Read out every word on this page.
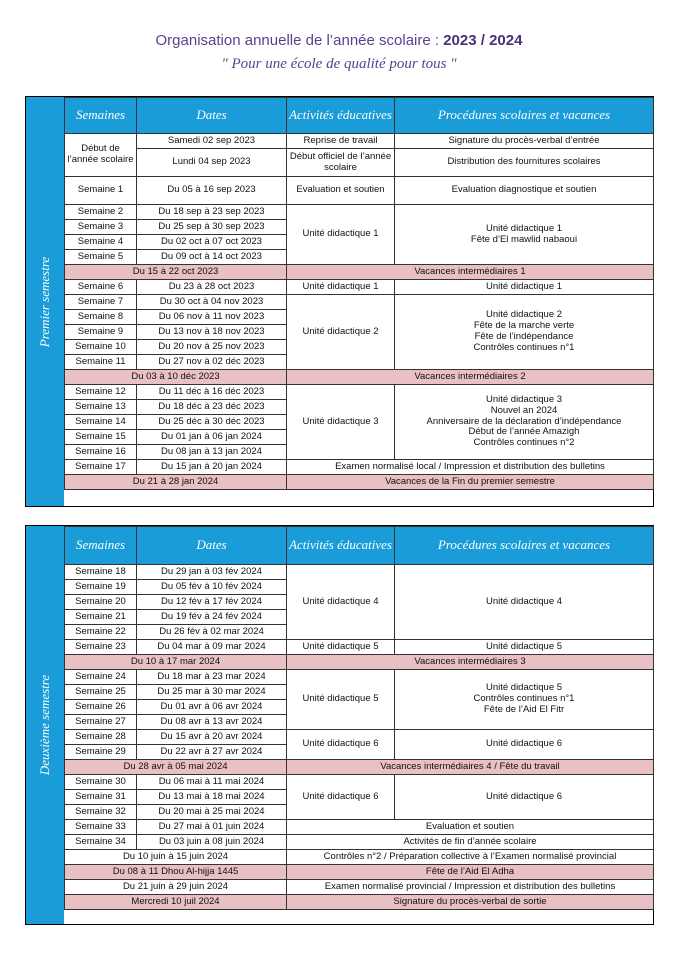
Organisation annuelle de l’année scolaire : 2023 / 2024
" Pour une école de qualité pour tous "
Premier semestre
Semaines	Dates	Activités éducatives	Procédures scolaires et vacances
Début de l’année scolaire	Samedi 02 sep 2023	Reprise de travail	Signature du procès-verbal d’entrée
	Lundi 04 sep 2023	Début officiel de l’année scolaire	Distribution des fournitures scolaires
Semaine 1	Du 05 à 16 sep 2023	Evaluation et soutien	Evaluation diagnostique et soutien
Semaine 2	Du 18 sep à 23 sep 2023	Unité didactique 1	Unité didactique 1
Fête d’El mawlid nabaoui

Semaine 3	Du 25 sep à 30 sep 2023		
Semaine 4	Du 02 oct à 07 oct 2023		
Semaine 5	Du 09 oct à 14 oct 2023		
Du 15 à 22 oct 2023		Vacances intermédiaires 1	
Semaine 6	Du 23 à 28 oct 2023	Unité didactique 1	Unité didactique 1
Semaine 7	Du 30 oct à 04 nov 2023	Unité didactique 2	Unité didactique 2
Fête de la marche verte
Fête de l’indépendance
Contrôles continues n°1

Semaine 8	Du 06 nov à 11 nov 2023		
Semaine 9	Du 13 nov à 18 nov 2023		
Semaine 10	Du 20 nov à 25 nov 2023		
Semaine 11	Du 27 nov à 02 déc 2023		
Du 03 à 10 déc 2023		Vacances intermédiaires 2	
Semaine 12	Du 11 déc à 16 déc 2023	Unité didactique 3	Unité didactique 3
Nouvel an 2024
Anniversaire de la déclaration d’indépendance
Début de l’année Amazigh
Contrôles continues n°2

Semaine 13	Du 18 déc à 23 déc 2023		
Semaine 14	Du 25 déc à 30 déc 2023		
Semaine 15	Du 01 jan à 06 jan 2024		
Semaine 16	Du 08 jan à 13 jan 2024		
Semaine 17	Du 15 jan à 20 jan 2024	Examen normalisé local / Impression et distribution des bulletins	
Du 21 à 28 jan 2024		Vacances de la Fin du premier semestre	
Deuxième semestre
Semaines	Dates	Activités éducatives	Procédures scolaires et vacances
Semaine 18	Du 29 jan à 03 fév 2024	Unité didactique 4	Unité didactique 4
Semaine 19	Du 05 fév à 10 fév 2024		
Semaine 20	Du 12 fév à 17 fév 2024		
Semaine 21	Du 19 fév à 24 fév 2024		
Semaine 22	Du 26 fév à 02 mar 2024		
Semaine 23	Du 04 mar à 09 mar 2024	Unité didactique 5	Unité didactique 5
Du 10 à 17 mar 2024		Vacances intermédiaires 3	
Semaine 24	Du 18 mar à 23 mar 2024	Unité didactique 5	Unité didactique 5
Contrôles continues n°1
Fête de l’Aid El Fitr

Semaine 25	Du 25 mar à 30 mar 2024		
Semaine 26	Du 01 avr à 06 avr 2024		
Semaine 27	Du 08 avr à 13 avr 2024		
Semaine 28	Du 15 avr à 20 avr 2024	Unité didactique 6	Unité didactique 6
Semaine 29	Du 22 avr à 27 avr 2024		
Du 28 avr à 05 mai 2024		Vacances intermédiaires 4 / Fête du travail	
Semaine 30	Du 06 mai à 11 mai 2024	Unité didactique 6	Unité didactique 6
Semaine 31	Du 13 mai à 18 mai 2024		
Semaine 32	Du 20 mai à 25 mai 2024		
Semaine 33	Du 27 mai à 01 juin 2024	Evaluation et soutien	
Semaine 34	Du 03 juin à 08 juin 2024	Activités de fin d’année scolaire	
Du 10 juin à 15 juin 2024		Contrôles n°2 / Préparation collective à l’Examen normalisé provincial	
Du 08 à 11 Dhou Al-hijja 1445		Fête de l’Aid El Adha	
Du 21 juin à 29 juin 2024		Examen normalisé provincial / Impression et distribution des bulletins	
Mercredi 10 juil 2024		Signature du procès-verbal de sortie	
